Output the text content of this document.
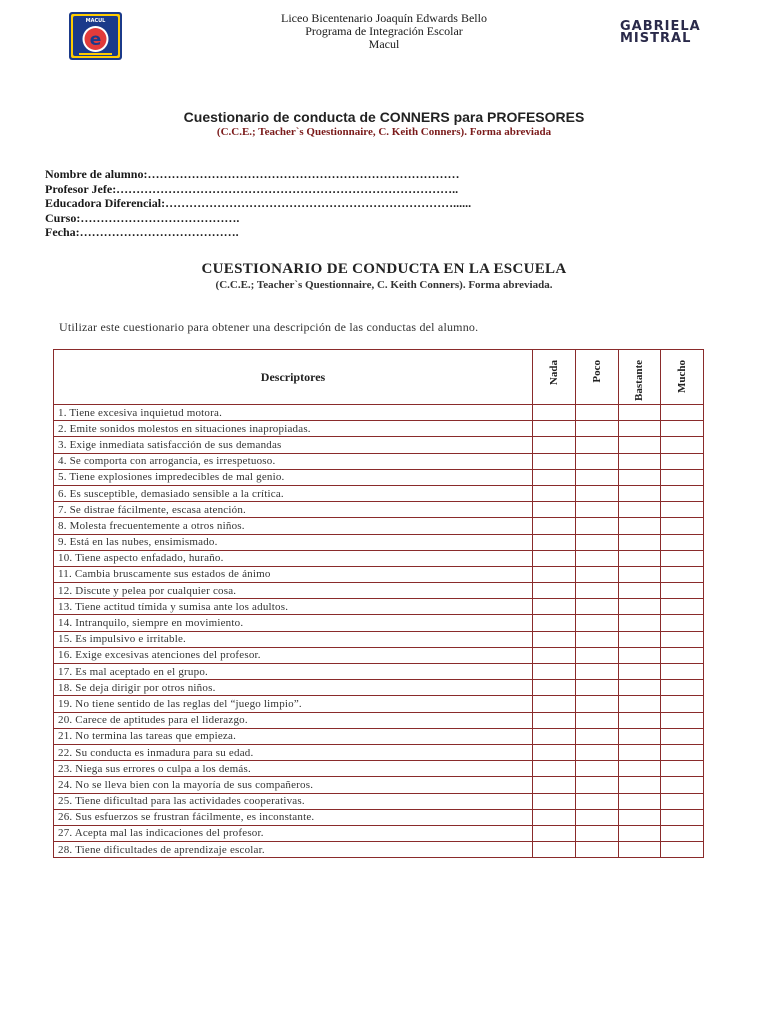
MACUL
e
Liceo Bicentenario Joaquín Edwards Bello
Programa de Integración Escolar
Macul

GABRIELA
MISTRAL

Cuestionario de conducta de CONNERS para PROFESORES
(C.C.E.; Teacher`s Questionnaire, C. Keith Conners). Forma abreviada
Nombre de alumno:……………………………………………………………………
Profesor Jefe:…………………………………………………………………………..
Educadora Diferencial:………………………………………………………………......
Curso:………………………………….
Fecha:………………………………….
CUESTIONARIO DE CONDUCTA EN LA ESCUELA
(C.C.E.; Teacher`s Questionnaire, C. Keith Conners). Forma abreviada.
Utilizar este cuestionario para obtener una descripción de las conductas del alumno.
Descriptores	Nada	Poco	Bastante	Mucho

1. Tiene excesiva inquietud motora.				
2. Emite sonidos molestos en situaciones inapropiadas.				
3. Exige inmediata satisfacción de sus demandas				
4. Se comporta con arrogancia, es irrespetuoso.				
5. Tiene explosiones impredecibles de mal genio.				
6. Es susceptible, demasiado sensible a la crítica.				
7. Se distrae fácilmente, escasa atención.				
8. Molesta frecuentemente a otros niños.				
9. Está en las nubes, ensimismado.				
10. Tiene aspecto enfadado, huraño.				
11. Cambia bruscamente sus estados de ánimo				
12. Discute y pelea por cualquier cosa.				
13. Tiene actitud tímida y sumisa ante los adultos.				
14. Intranquilo, siempre en movimiento.				
15. Es impulsivo e irritable.				
16. Exige excesivas atenciones del profesor.				
17. Es mal aceptado en el grupo.				
18. Se deja dirigir por otros niños.				
19. No tiene sentido de las reglas del “juego limpio”.				
20. Carece de aptitudes para el liderazgo.				
21. No termina las tareas que empieza.				
22. Su conducta es inmadura para su edad.				
23. Niega sus errores o culpa a los demás.				
24. No se lleva bien con la mayoría de sus compañeros.				
25. Tiene dificultad para las actividades cooperativas.				
26. Sus esfuerzos se frustran fácilmente, es inconstante.				
27. Acepta mal las indicaciones del profesor.				
28. Tiene dificultades de aprendizaje escolar.				
